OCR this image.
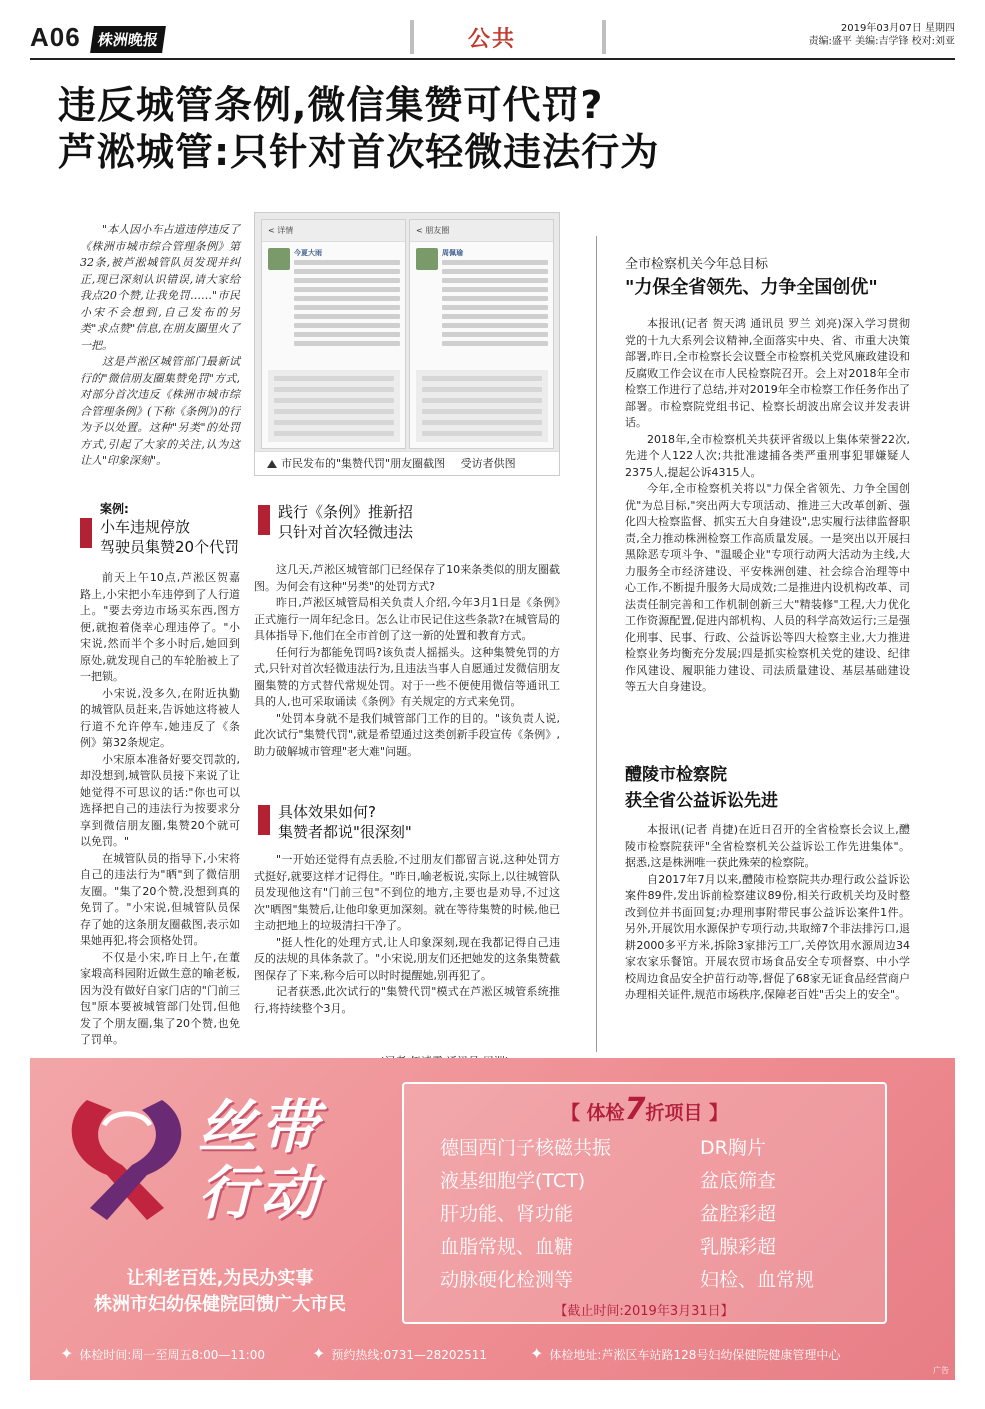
A06	株洲晚报	公共	2019年03月07日 星期四
责编:盛平 美编:吉学锋 校对:刘亚
违反城管条例,微信集赞可代罚?
芦淞城管:只针对首次轻微违法行为

"本人因小车占道违停违反了《株洲市城市综合管理条例》第32条,被芦淞城管队员发现并纠正,现已深刻认识错误,请大家给我点20个赞,让我免罚……"市民小宋不会想到,自己发布的另类"求点赞"信息,在朋友圈里火了一把。

这是芦淞区城管部门最新试行的"微信朋友圈集赞免罚"方式,对部分首次违反《株洲市城市综合管理条例》(下称《条例》)的行为予以处置。这种"另类"的处罚方式,引起了大家的关注,认为这让人"印象深刻"。

< 详情
今夏大雨
< 朋友圈
周佩瑜
市民发布的"集赞代罚"朋友圈截图 受访者供图
案例:
小车违规停放
驾驶员集赞20个代罚

前天上午10点,芦淞区贺嘉路上,小宋把小车违停到了人行道上。"要去旁边市场买东西,图方便,就抱着侥幸心理违停了。"小宋说,然而半个多小时后,她回到原处,就发现自己的车轮胎被上了一把锁。

小宋说,没多久,在附近执勤的城管队员赶来,告诉她这将被人行道不允许停车,她违反了《条例》第32条规定。

小宋原本准备好要交罚款的,却没想到,城管队员接下来说了让她觉得不可思议的话:"你也可以选择把自己的违法行为按要求分享到微信朋友圈,集赞20个就可以免罚。"

在城管队员的指导下,小宋将自己的违法行为"晒"到了微信朋友圈。"集了20个赞,没想到真的免罚了。"小宋说,但城管队员保存了她的这条朋友圈截图,表示如果她再犯,将会顶格处罚。

不仅是小宋,昨日上午,在董家塅高科园附近做生意的喻老板,因为没有做好自家门店的"门前三包"原本要被城管部门处罚,但他发了个朋友圈,集了20个赞,也免了罚单。

践行《条例》推新招
只针对首次轻微违法

这几天,芦淞区城管部门已经保存了10来条类似的朋友圈截图。为何会有这种"另类"的处罚方式?

昨日,芦淞区城管局相关负责人介绍,今年3月1日是《条例》正式施行一周年纪念日。怎么让市民记住这些条款?在城管局的具体指导下,他们在全市首创了这一新的处置和教育方式。

任何行为都能免罚吗?该负责人摇摇头。这种集赞免罚的方式,只针对首次轻微违法行为,且违法当事人自愿通过发微信朋友圈集赞的方式替代常规处罚。对于一些不便使用微信等通讯工具的人,也可采取诵读《条例》有关规定的方式来免罚。

"处罚本身就不是我们城管部门工作的目的。"该负责人说,此次试行"集赞代罚",就是希望通过这类创新手段宣传《条例》,助力破解城市管理"老大难"问题。

具体效果如何?
集赞者都说"很深刻"

"一开始还觉得有点丢脸,不过朋友们都留言说,这种处罚方式挺好,就要这样才记得住。"昨日,喻老板说,实际上,以往城管队员发现他这有"门前三包"不到位的地方,主要也是劝导,不过这次"晒图"集赞后,让他印象更加深刻。就在等待集赞的时候,他已主动把地上的垃圾清扫干净了。

"挺人性化的处理方式,让人印象深刻,现在我都记得自己违反的法规的具体条款了。"小宋说,朋友们还把她发的这条集赞截图保存了下来,称今后可以时时提醒她,别再犯了。

记者获悉,此次试行的"集赞代罚"模式在芦淞区城管系统推行,将持续整个3月。

全市检察机关今年总目标
"力保全省领先、力争全国创优"

本报讯(记者 贺天鸿 通讯员 罗兰 刘亮)深入学习贯彻党的十九大系列会议精神,全面落实中央、省、市重大决策部署,昨日,全市检察长会议暨全市检察机关党风廉政建设和反腐败工作会议在市人民检察院召开。会上对2018年全市检察工作进行了总结,并对2019年全市检察工作任务作出了部署。市检察院党组书记、检察长胡波出席会议并发表讲话。

2018年,全市检察机关共获评省级以上集体荣誉22次,先进个人122人次;共批准逮捕各类严重刑事犯罪嫌疑人2375人,提起公诉4315人。

今年,全市检察机关将以"力保全省领先、力争全国创优"为总目标,"突出两大专项活动、推进三大改革创新、强化四大检察监督、抓实五大自身建设",忠实履行法律监督职责,全力推动株洲检察工作高质量发展。一是突出以开展扫黑除恶专项斗争、"温暖企业"专项行动两大活动为主线,大力服务全市经济建设、平安株洲创建、社会综合治理等中心工作,不断提升服务大局成效;二是推进内设机构改革、司法责任制完善和工作机制创新三大"精装修"工程,大力优化工作资源配置,促进内部机构、人员的科学高效运行;三是强化刑事、民事、行政、公益诉讼等四大检察主业,大力推进检察业务均衡充分发展;四是抓实检察机关党的建设、纪律作风建设、履职能力建设、司法质量建设、基层基础建设等五大自身建设。

醴陵市检察院
获全省公益诉讼先进

本报讯(记者 肖捷)在近日召开的全省检察长会议上,醴陵市检察院获评"全省检察机关公益诉讼工作先进集体"。据悉,这是株洲唯一获此殊荣的检察院。

自2017年7月以来,醴陵市检察院共办理行政公益诉讼案件89件,发出诉前检察建议89份,相关行政机关均及时整改到位并书面回复;办理刑事附带民事公益诉讼案件1件。另外,开展饮用水源保护专项行动,共取缔7个非法排污口,退耕2000多平方米,拆除3家排污工厂,关停饮用水源周边34家农家乐餐馆。开展农贸市场食品安全专项督察、中小学校周边食品安全护苗行动等,督促了68家无证食品经营商户办理相关证件,规范市场秩序,保障老百姓"舌尖上的安全"。

丝带
行动
让利老百姓,为民办实事
株洲市妇幼保健院回馈广大市民
【 体检7折项目 】
德国西门子核磁共振
液基细胞学(TCT)
肝功能、肾功能
血脂常规、血糖
动脉硬化检测等
DR胸片
盆底筛查
盆腔彩超
乳腺彩超
妇检、血常规
【截止时间:2019年3月31日】
✦ 体检时间:周一至周五8:00—11:00	✦ 预约热线:0731—28202511	✦ 体检地址:芦淞区车站路128号妇幼保健院健康管理中心
广告
